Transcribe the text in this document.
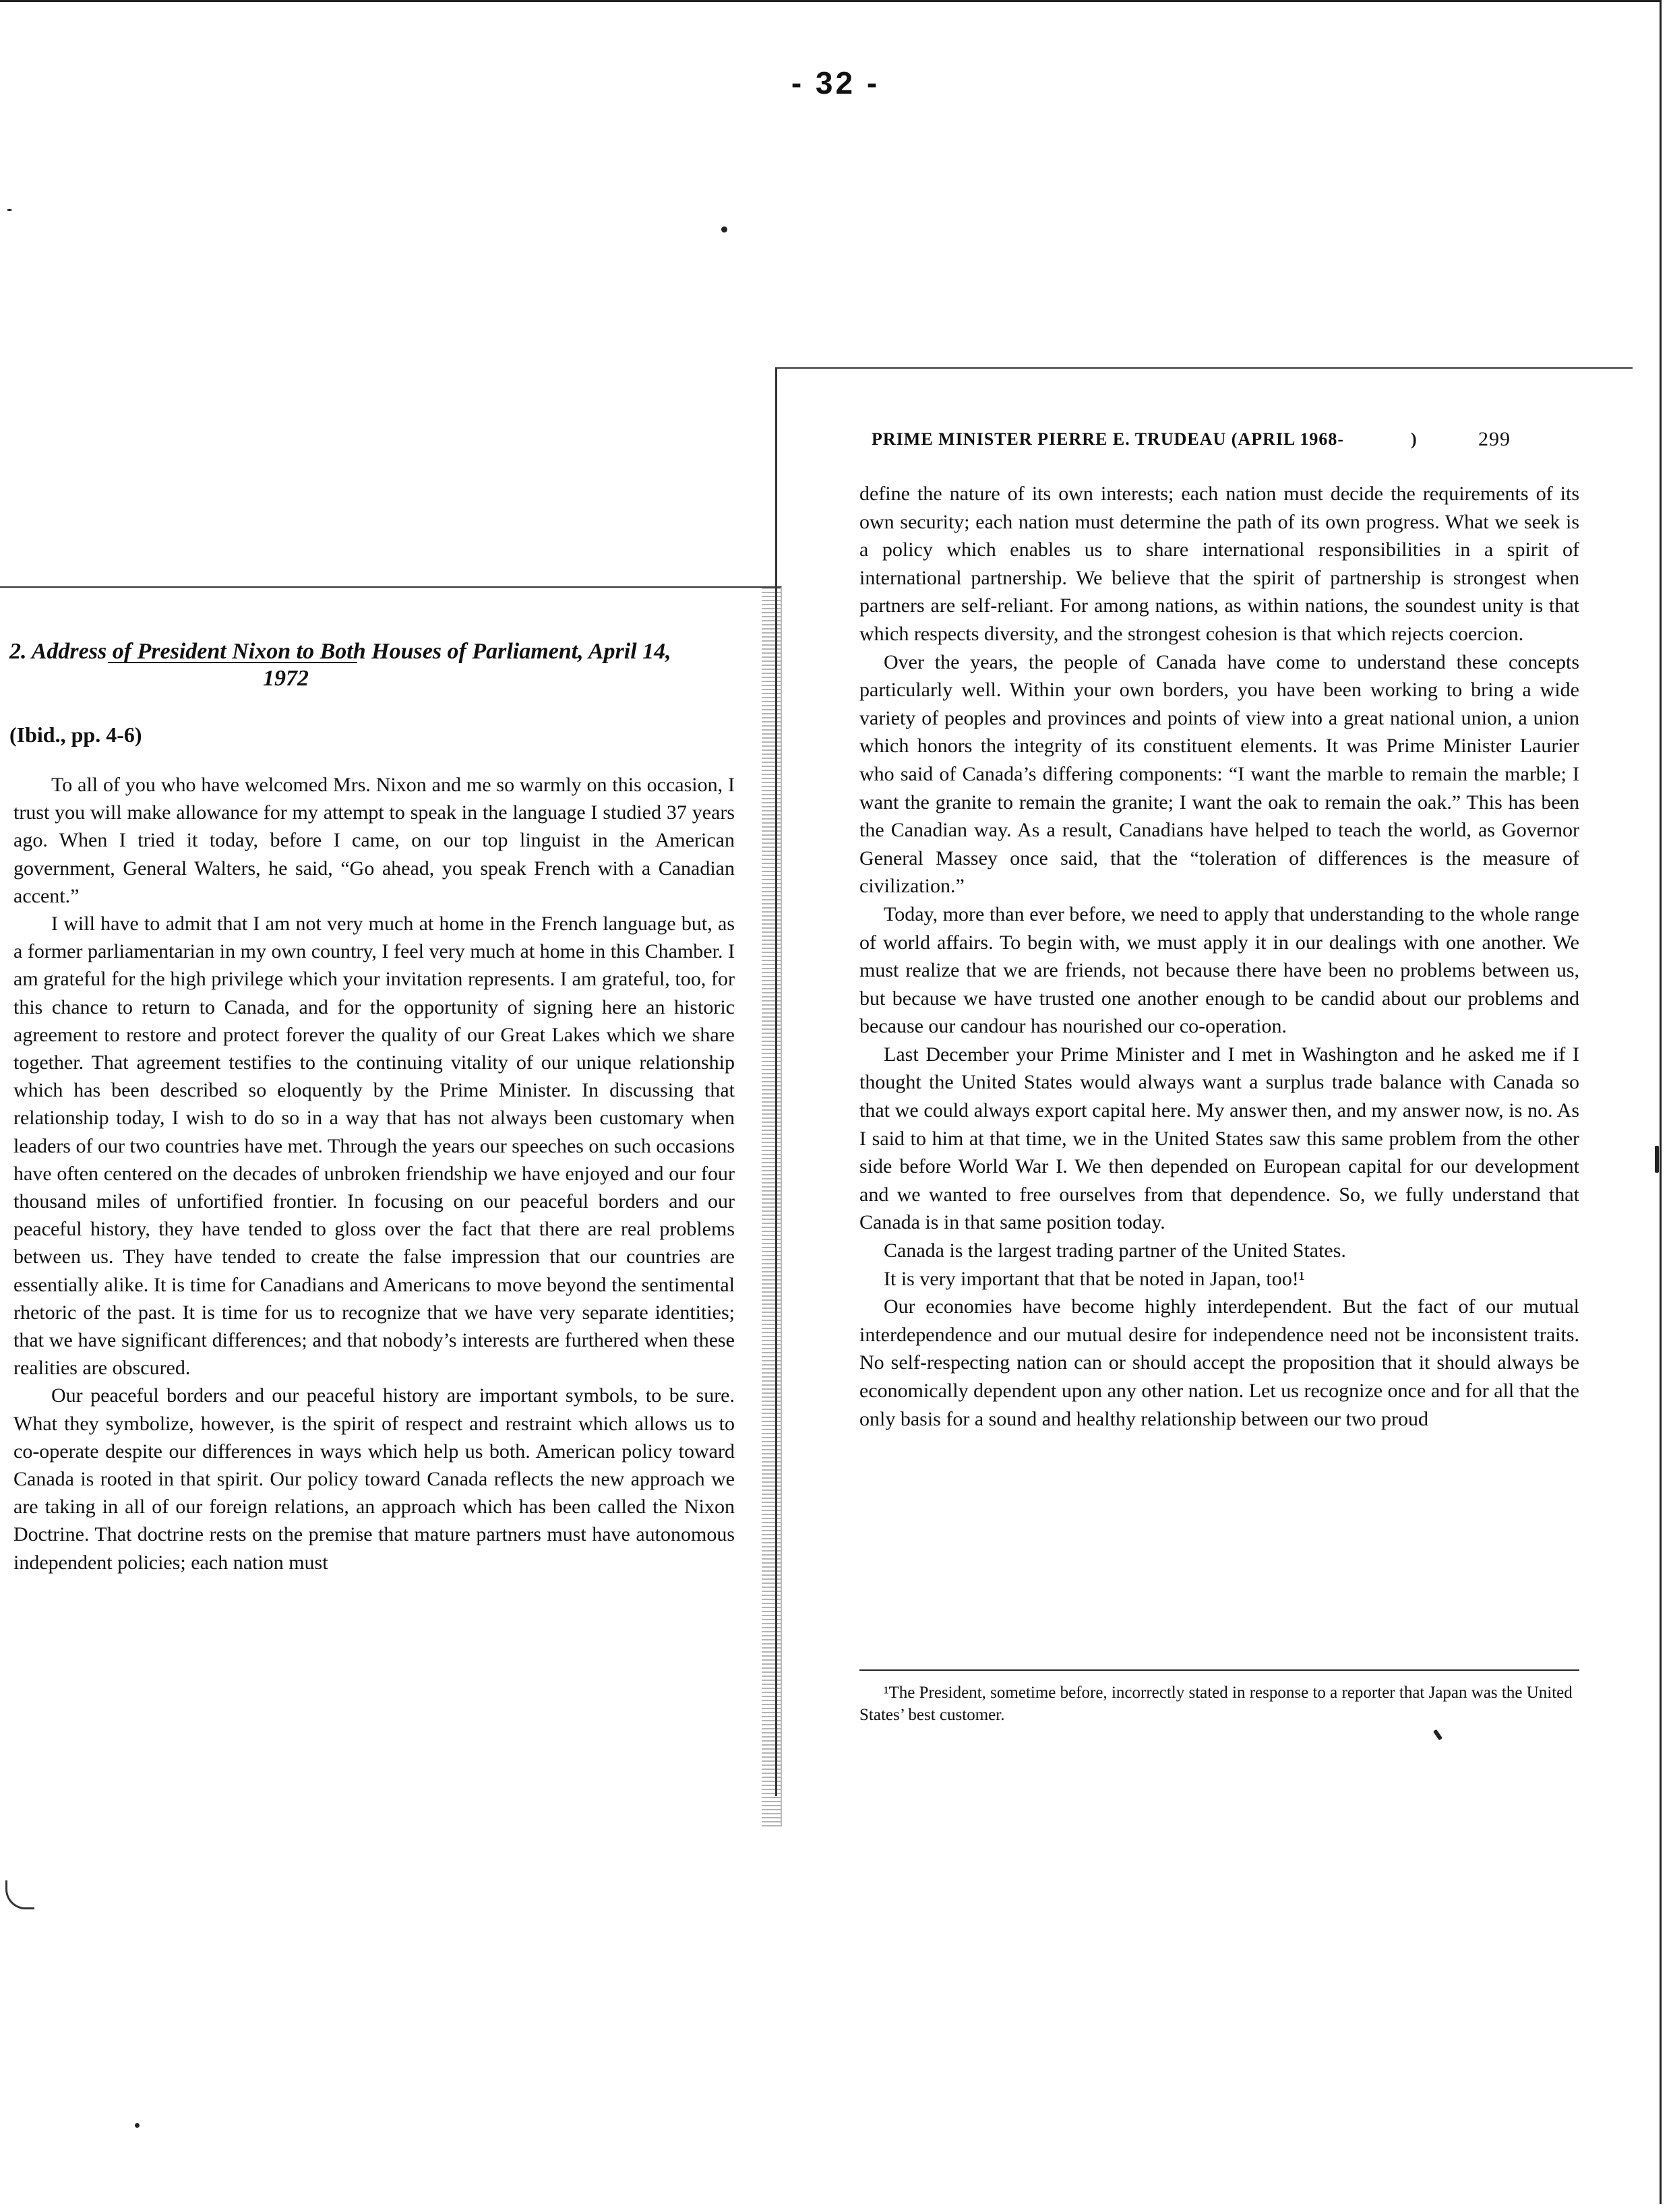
- 32 -
2. Address of President Nixon to Both Houses of Parliament, April 14,
1972
(Ibid., pp. 4-6)

To all of you who have welcomed Mrs. Nixon and me so warmly on this occasion, I trust you will make allowance for my attempt to speak in the language I studied 37 years ago. When I tried it today, before I came, on our top linguist in the American government, General Walters, he said, “Go ahead, you speak French with a Canadian accent.”

I will have to admit that I am not very much at home in the French language but, as a former parliamentarian in my own country, I feel very much at home in this Chamber. I am grateful for the high privilege which your invitation represents. I am grateful, too, for this chance to return to Canada, and for the opportunity of signing here an historic agreement to restore and protect forever the quality of our Great Lakes which we share together. That agreement testifies to the continuing vitality of our unique relationship which has been described so eloquently by the Prime Minister. In discussing that relationship today, I wish to do so in a way that has not always been customary when leaders of our two countries have met. Through the years our speeches on such occasions have often centered on the decades of unbroken friendship we have enjoyed and our four thousand miles of unfortified frontier. In focusing on our peaceful borders and our peaceful history, they have tended to gloss over the fact that there are real problems between us. They have tended to create the false impression that our countries are essentially alike. It is time for Canadians and Americans to move beyond the sentimental rhetoric of the past. It is time for us to recognize that we have very separate identities; that we have significant differences; and that nobody’s interests are furthered when these realities are obscured.

Our peaceful borders and our peaceful history are important symbols, to be sure. What they symbolize, however, is the spirit of respect and restraint which allows us to co-operate despite our differences in ways which help us both. American policy toward Canada is rooted in that spirit. Our policy toward Canada reflects the new approach we are taking in all of our foreign relations, an approach which has been called the Nixon Doctrine. That doctrine rests on the premise that mature partners must have autonomous independent policies; each nation must

PRIME MINISTER PIERRE E. TRUDEAU (APRIL 1968-	)	299

define the nature of its own interests; each nation must decide the requirements of its own security; each nation must determine the path of its own progress. What we seek is a policy which enables us to share international responsibilities in a spirit of international partnership. We believe that the spirit of partnership is strongest when partners are self-reliant. For among nations, as within nations, the soundest unity is that which respects diversity, and the strongest cohesion is that which rejects coercion.

Over the years, the people of Canada have come to understand these concepts particularly well. Within your own borders, you have been working to bring a wide variety of peoples and provinces and points of view into a great national union, a union which honors the integrity of its constituent elements. It was Prime Minister Laurier who said of Canada’s differing components: “I want the marble to remain the marble; I want the granite to remain the granite; I want the oak to remain the oak.” This has been the Canadian way. As a result, Canadians have helped to teach the world, as Governor General Massey once said, that the “toleration of differences is the measure of civilization.”

Today, more than ever before, we need to apply that understanding to the whole range of world affairs. To begin with, we must apply it in our dealings with one another. We must realize that we are friends, not because there have been no problems between us, but because we have trusted one another enough to be candid about our problems and because our candour has nourished our co-operation.

Last December your Prime Minister and I met in Washington and he asked me if I thought the United States would always want a surplus trade balance with Canada so that we could always export capital here. My answer then, and my answer now, is no. As I said to him at that time, we in the United States saw this same problem from the other side before World War I. We then depended on European capital for our development and we wanted to free ourselves from that dependence. So, we fully understand that Canada is in that same position today.

Canada is the largest trading partner of the United States.

It is very important that that be noted in Japan, too!¹

Our economies have become highly interdependent. But the fact of our mutual interdependence and our mutual desire for independence need not be inconsistent traits. No self-respecting nation can or should accept the proposition that it should always be economically dependent upon any other nation. Let us recognize once and for all that the only basis for a sound and healthy relationship between our two proud

¹The President, sometime before, incorrectly stated in response to a reporter that Japan was the United States’ best customer.
